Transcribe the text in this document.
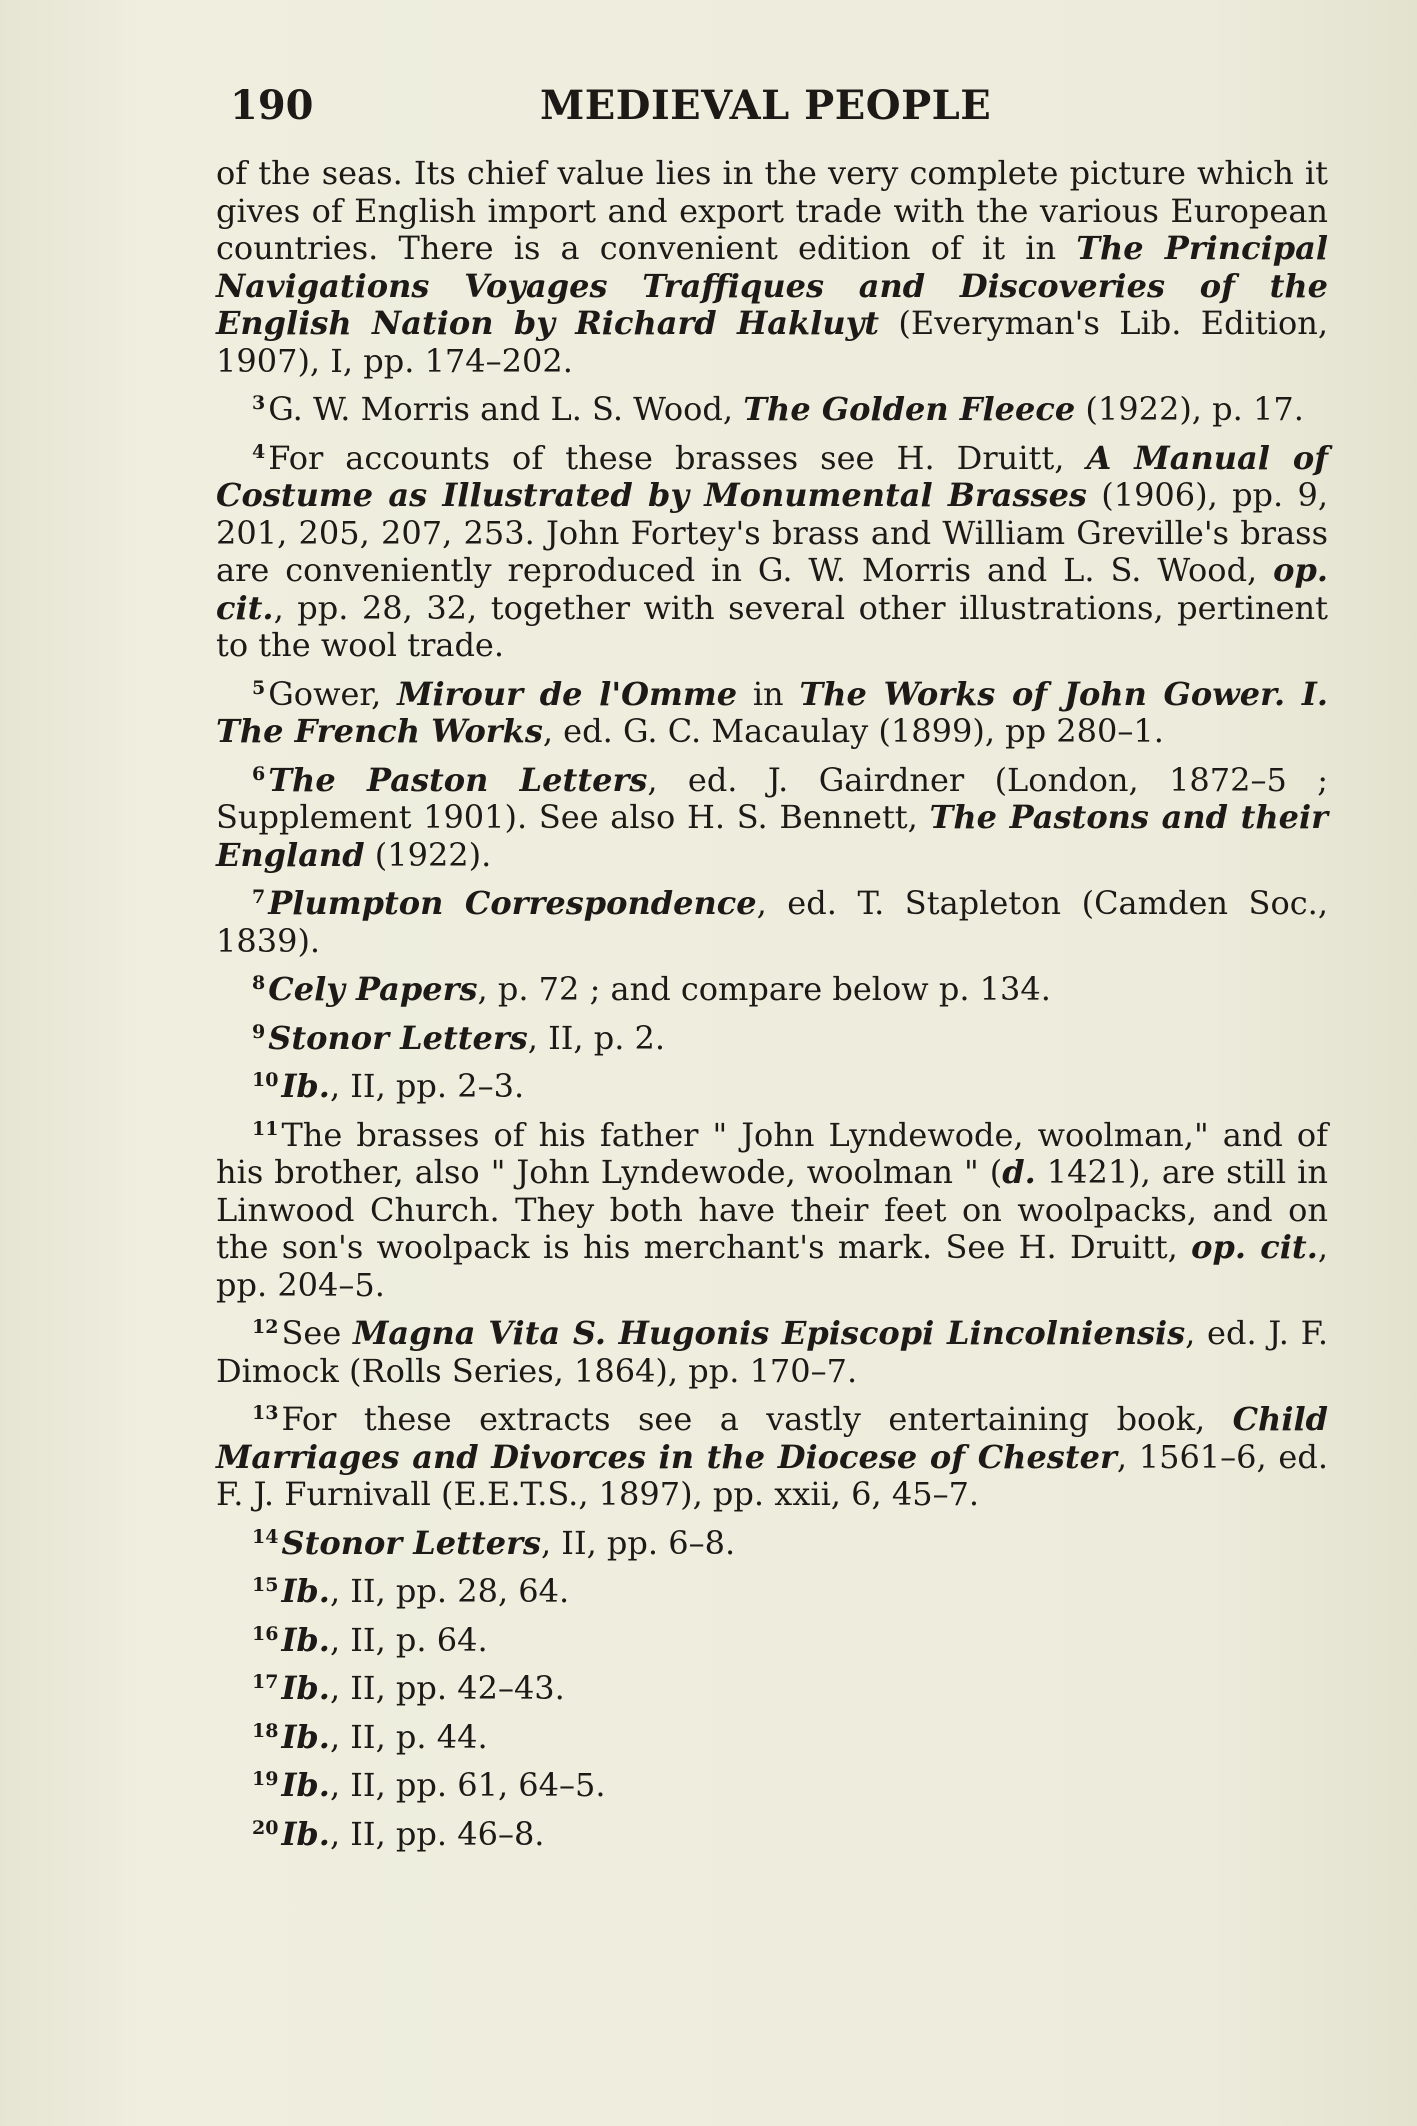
190	MEDIEVAL PEOPLE

of the seas. Its chief value lies in the very complete picture which it gives of English import and export trade with the various European countries. There is a convenient edition of it in The Principal Navigations Voyages Traffiques and Discoveries of the English Nation by Richard Hakluyt (Everyman's Lib. Edition, 1907), I, pp. 174–202.

$^3$G. W. Morris and L. S. Wood, The Golden Fleece (1922), p. 17.

$^4$For accounts of these brasses see H. Druitt, A Manual of Costume as Illustrated by Monumental Brasses (1906), pp. 9, 201, 205, 207, 253. John Fortey's brass and William Greville's brass are conveniently reproduced in G. W. Morris and L. S. Wood, op. cit., pp. 28, 32, together with several other illustrations, pertinent to the wool trade.

$^5$Gower, Mirour de l'Omme in The Works of John Gower. I. The French Works, ed. G. C. Macaulay (1899), pp 280–1.

$^6$The Paston Letters, ed. J. Gairdner (London, 1872–5 ; Supplement 1901). See also H. S. Bennett, The Pastons and their England (1922).

$^7$Plumpton Correspondence, ed. T. Stapleton (Camden Soc., 1839).

$^8$Cely Papers, p. 72 ; and compare below p. 134.

$^9$Stonor Letters, II, p. 2.

$^{10}$Ib., II, pp. 2–3.

$^{11}$The brasses of his father " John Lyndewode, woolman," and of his brother, also " John Lyndewode, woolman " (d. 1421), are still in Linwood Church. They both have their feet on woolpacks, and on the son's woolpack is his merchant's mark. See H. Druitt, op. cit., pp. 204–5.

$^{12}$See Magna Vita S. Hugonis Episcopi Lincolniensis, ed. J. F. Dimock (Rolls Series, 1864), pp. 170–7.

$^{13}$For these extracts see a vastly entertaining book, Child Marriages and Divorces in the Diocese of Chester, 1561–6, ed. F. J. Furnivall (E.E.T.S., 1897), pp. xxii, 6, 45–7.

$^{14}$Stonor Letters, II, pp. 6–8.

$^{15}$Ib., II, pp. 28, 64.

$^{16}$Ib., II, p. 64.

$^{17}$Ib., II, pp. 42–43.

$^{18}$Ib., II, p. 44.

$^{19}$Ib., II, pp. 61, 64–5.

$^{20}$Ib., II, pp. 46–8.
